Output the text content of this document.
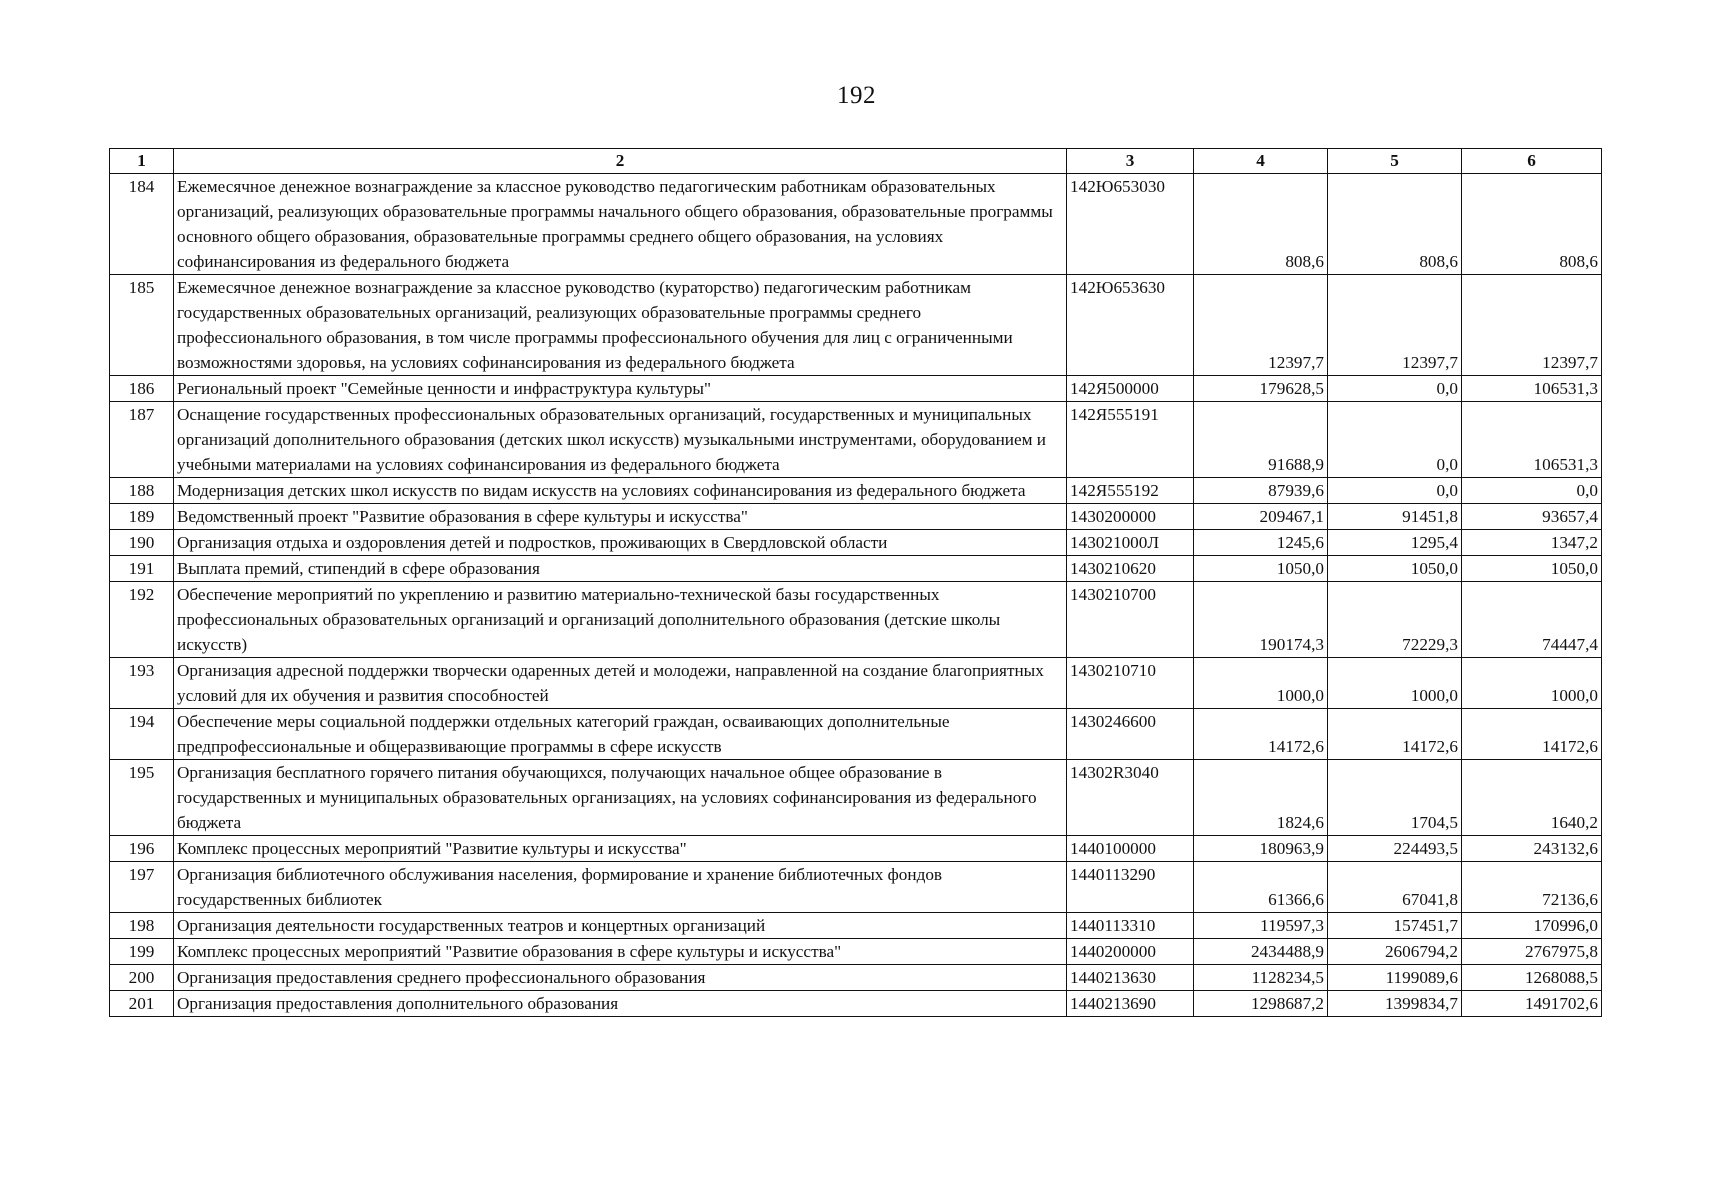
192
1	2	3	4	5	6
184	Ежемесячное денежное вознаграждение за классное руководство педагогическим работникам образовательных организаций, реализующих образовательные программы начального общего образования, образовательные программы основного общего образования, образовательные программы среднего общего образования, на условиях софинансирования из федерального бюджета	142Ю653030	808,6	808,6	808,6
185	Ежемесячное денежное вознаграждение за классное руководство (кураторство) педагогическим работникам государственных образовательных организаций, реализующих образовательные программы среднего профессионального образования, в том числе программы профессионального обучения для лиц с ограниченными возможностями здоровья, на условиях софинансирования из федерального бюджета	142Ю653630	12397,7	12397,7	12397,7
186	Региональный проект "Семейные ценности и инфраструктура культуры"	142Я500000	179628,5	0,0	106531,3
187	Оснащение государственных профессиональных образовательных организаций, государственных и муниципальных организаций дополнительного образования (детских школ искусств) музыкальными инструментами, оборудованием и учебными материалами на условиях софинансирования из федерального бюджета	142Я555191	91688,9	0,0	106531,3
188	Модернизация детских школ искусств по видам искусств на условиях софинансирования из федерального бюджета	142Я555192	87939,6	0,0	0,0
189	Ведомственный проект "Развитие образования в сфере культуры и искусства"	1430200000	209467,1	91451,8	93657,4
190	Организация отдыха и оздоровления детей и подростков, проживающих в Свердловской области	143021000Л	1245,6	1295,4	1347,2
191	Выплата премий, стипендий в сфере образования	1430210620	1050,0	1050,0	1050,0
192	Обеспечение мероприятий по укреплению и развитию материально-технической базы государственных профессиональных образовательных организаций и организаций дополнительного образования (детские школы искусств)	1430210700	190174,3	72229,3	74447,4
193	Организация адресной поддержки творчески одаренных детей и молодежи, направленной на создание благоприятных условий для их обучения и развития способностей	1430210710	1000,0	1000,0	1000,0
194	Обеспечение меры социальной поддержки отдельных категорий граждан, осваивающих дополнительные предпрофессиональные и общеразвивающие программы в сфере искусств	1430246600	14172,6	14172,6	14172,6
195	Организация бесплатного горячего питания обучающихся, получающих начальное общее образование в государственных и муниципальных образовательных организациях, на условиях софинансирования из федерального бюджета	14302R3040	1824,6	1704,5	1640,2
196	Комплекс процессных мероприятий "Развитие культуры и искусства"	1440100000	180963,9	224493,5	243132,6
197	Организация библиотечного обслуживания населения, формирование и хранение библиотечных фондов государственных библиотек	1440113290	61366,6	67041,8	72136,6
198	Организация деятельности государственных театров и концертных организаций	1440113310	119597,3	157451,7	170996,0
199	Комплекс процессных мероприятий "Развитие образования в сфере культуры и искусства"	1440200000	2434488,9	2606794,2	2767975,8
200	Организация предоставления среднего профессионального образования	1440213630	1128234,5	1199089,6	1268088,5
201	Организация предоставления дополнительного образования	1440213690	1298687,2	1399834,7	1491702,6
